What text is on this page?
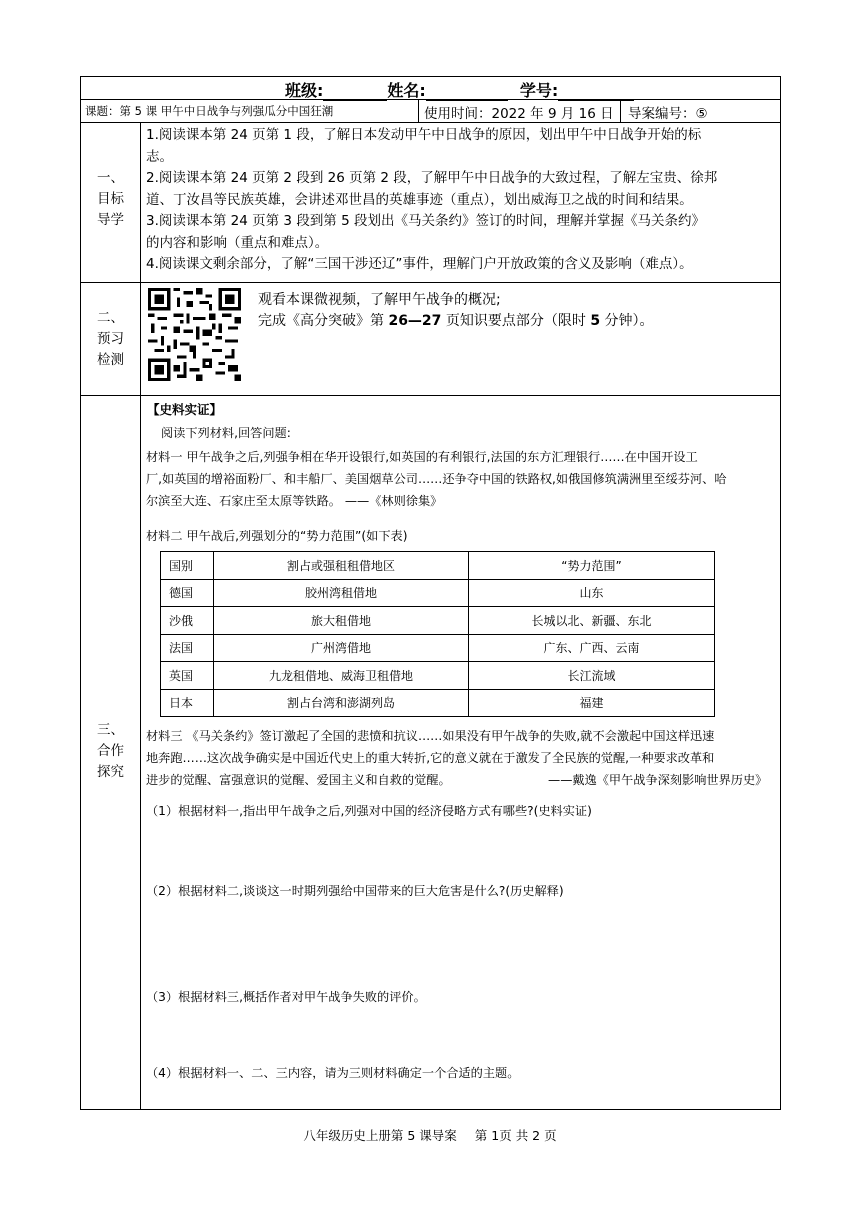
班级:	姓名:	学号:
课题：第 5 课 甲午中日战争与列强瓜分中国狂潮	使用时间：2022 年 9 月 16 日 导案编号：⑤
一、
目标
导学
1.阅读课本第 24 页第 1 段，了解日本发动甲午中日战争的原因，划出甲午中日战争开始的标
志。
2.阅读课本第 24 页第 2 段到 26 页第 2 段，了解甲午中日战争的大致过程，了解左宝贵、徐邦
道、丁汝昌等民族英雄，会讲述邓世昌的英雄事迹（重点），划出威海卫之战的时间和结果。
3.阅读课本第 24 页第 3 段到第 5 段划出《马关条约》签订的时间，理解并掌握《马关条约》
的内容和影响（重点和难点）。
4.阅读课文剩余部分，了解“三国干涉还辽”事件，理解门户开放政策的含义及影响（难点）。
二、
预习
检测
观看本课微视频，了解甲午战争的概况;
完成《高分突破》第 26—27 页知识要点部分（限时 5 分钟）。
三、
合作
探究
【史料实证】
阅读下列材料,回答问题:
材料一 甲午战争之后,列强争相在华开设银行,如英国的有利银行,法国的东方汇理银行……在中国开设工
厂,如英国的增裕面粉厂、和丰船厂、美国烟草公司……还争夺中国的铁路权,如俄国修筑满洲里至绥芬河、哈
尔滨至大连、石家庄至太原等铁路。 ——《林则徐集》
材料二 甲午战后,列强划分的“势力范围”(如下表)
国别	割占或强租租借地区	“势力范围”
德国	胶州湾租借地	山东
沙俄	旅大租借地	长城以北、新疆、东北
法国	广州湾借地	广东、广西、云南
英国	九龙租借地、威海卫租借地	长江流域
日本	割占台湾和澎湖列岛	福建
材料三 《马关条约》签订激起了全国的悲愤和抗议……如果没有甲午战争的失败,就不会激起中国这样迅速
地奔跑……这次战争确实是中国近代史上的重大转折,它的意义就在于激发了全民族的觉醒,一种要求改革和
进步的觉醒、富强意识的觉醒、爱国主义和自救的觉醒。	——戴逸《甲午战争深刻影响世界历史》
（1）根据材料一,指出甲午战争之后,列强对中国的经济侵略方式有哪些?(史料实证)
（2）根据材料二,谈谈这一时期列强给中国带来的巨大危害是什么?(历史解释)
（3）根据材料三,概括作者对甲午战争失败的评价。
（4）根据材料一、二、三内容，请为三则材料确定一个合适的主题。
八年级历史上册第 5 课导案 第 1页 共 2 页
